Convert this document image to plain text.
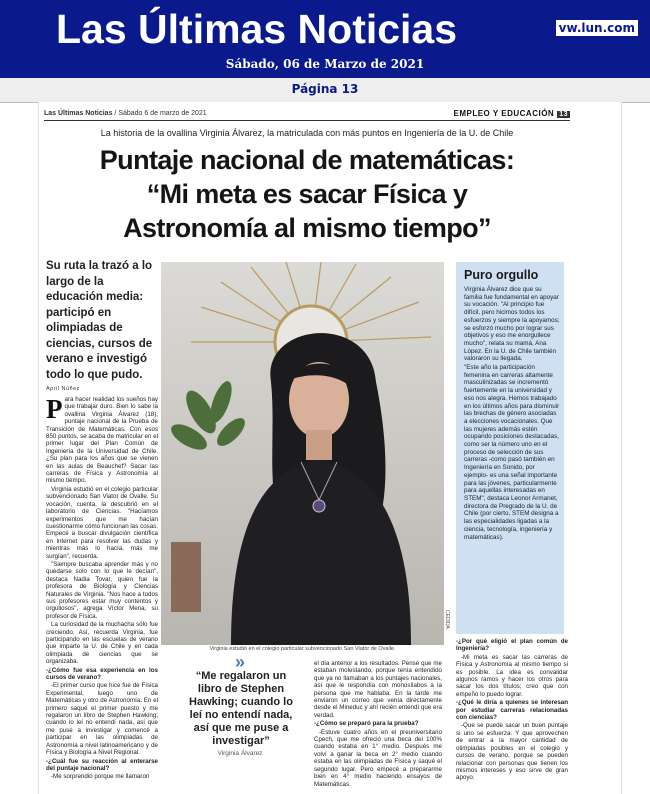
Las Últimas Noticias	vw.lun.com
Sábado, 06 de Marzo de 2021
Página 13
Las Últimas Noticias / Sábado 6 de marzo de 2021	EMPLEO Y EDUCACIÓN 13
La historia de la ovallina Virginia Álvarez, la matriculada con más puntos en Ingeniería de la U. de Chile
Puntaje nacional de matemáticas:
“Mi meta es sacar Física y
Astronomía al mismo tiempo”
Su ruta la trazó a lo largo de la educación media: participó en olimpiadas de ciencias, cursos de verano e investigó todo lo que pudo.
CEDIDA
Virginia estudió en el colegio particular subvencionado San Viator de Ovalle.
Puro orgullo

Virginia Álvarez dice que su familia fue fundamental en apoyar su vocación. "Al principio fue difícil, pero hicimos todos los esfuerzos y siempre la apoyamos; se esforzó mucho por lograr sus objetivos y eso me enorgullece mucho", relata su mamá, Ana López. En la U. de Chile también valoraron su llegada.

"Este año la participación femenina en carreras altamente masculinizadas se incrementó fuertemente en la universidad y eso nos alegra. Hemos trabajado en los últimos años para disminuir las brechas de género asociadas a elecciones vocacionales. Que las mujeres además estén ocupando posiciones destacadas, como ser la número uno en el proceso de selección de sus carreras -como pasó también en Ingeniería en Sonido, por ejemplo- es una señal importante para las jóvenes, particularmente para aquellas interesadas en STEM", destaca Leonor Armanet, directora de Pregrado de la U. de Chile (por cierto, STEM designa a las especialidades ligadas a la ciencia, tecnología, ingeniería y matemáticas).

April Núñez

Para hacer realidad los sueños hay que trabajar duro. Bien lo sabe la ovallina Virginia Álvarez (18), puntaje nacional de la Prueba de Transición de Matemáticas. Con esos 850 puntos, se acaba de matricular en el primer lugar del Plan Común de Ingeniería de la Universidad de Chile. ¿Su plan para los años que se vienen en las aulas de Beauchef? Sacar las carreras de Física y Astronomía al mismo tiempo.

Virginia estudió en el colegio particular subvencionado San Viator de Ovalle. Su vocación, cuenta, la descubrió en el laboratorio de Ciencias. "Hacíamos experimentos que me hacían cuestionarme cómo funcionan las cosas. Empecé a buscar divulgación científica en internet para resolver las dudas y mientras más lo hacía, más me surgían", recuerda.

"Siempre buscaba aprender más y no quedarse solo con lo que le decían", destaca Nadia Tovar, quien fue la profesora de Biología y Ciencias Naturales de Virginia. "Nos hace a todos sus profesores estar muy contentos y orgullosos", agrega Víctor Mena, su profesor de Física.

La curiosidad de la muchacha sólo fue creciendo. Así, recuerda Virginia, fue participando en las escuelas de verano que imparte la U. de Chile y en cada olimpiada de ciencias que se organizaba.

-¿Cómo fue esa experiencia en los cursos de verano?

-El primer curso que hice fue de Física Experimental, luego uno de Matemáticas y otro de Astronomía. En el primero saqué el primer puesto y me regalaron un libro de Stephen Hawking; cuando lo leí no entendí nada, así que me puse a investigar y comencé a participar en las olimpiadas de Astronomía a nivel latinoamericano y de Física y Biología a Nivel Regional.

-¿Cuál fue su reacción al enterarse del puntaje nacional?

-Me sorprendió porque me llamaron

»
“Me regalaron un libro de Stephen Hawking; cuando lo leí no entendí nada, así que me puse a investigar”
Virginia Álvarez

el día anterior a los resultados. Pensé que me estaban molestando, porque tenía entendido que ya no llamaban a los puntajes nacionales, así que le respondía con monosílabos a la persona que me hablaba. En la tarde me enviaron un correo que venía directamente desde el Mineduc y ahí recién entendí que era verdad.

-¿Cómo se preparó para la prueba?

-Estuve cuatro años en el preuniversitario Cpech, que me ofreció una beca del 100% cuando estaba en 1° medio. Después me volví a ganar la beca en 2° medio cuando estaba en las olimpiadas de Física y saqué el segundo lugar. Pero empecé a prepararme bien en 4° medio haciendo ensayos de Matemáticas.

-¿Por qué eligió el plan común de Ingeniería?

-Mi meta es sacar las carreras de Física y Astronomía al mismo tiempo si es posible. La idea es convalidar algunos ramos y hacer los otros para sacar los dos títulos; creo que con empeño lo puedo lograr.

-¿Qué le diría a quienes se interesan por estudiar carreras relacionadas con ciencias?

-Que se puede sacar un buen puntaje si uno se esfuerza. Y que aprovechen de entrar a la mayor cantidad de olimpiadas posibles en el colegio y cursos de verano, porque se pueden relacionar con personas que tienen los mismos intereses y eso sirve de gran apoyo.
